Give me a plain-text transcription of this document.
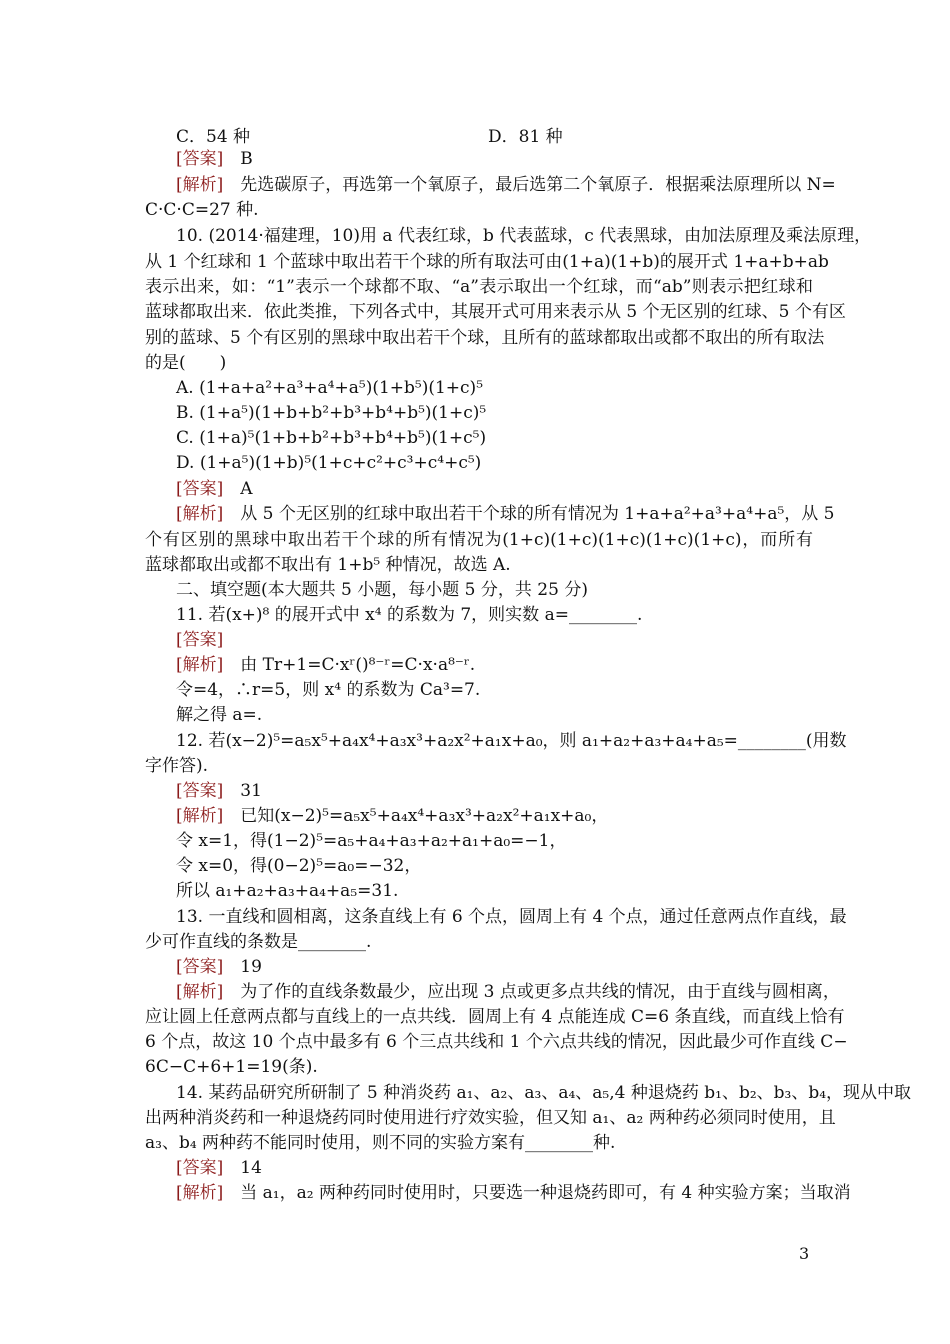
C．54 种	D．81 种
[答案]　B
[解析]　先选碳原子，再选第一个氧原子，最后选第二个氧原子．根据乘法原理所以 N=
C·C·C=27 种.
10. (2014·福建理，10)用 a 代表红球，b 代表蓝球，c 代表黑球，由加法原理及乘法原理，
从 1 个红球和 1 个蓝球中取出若干个球的所有取法可由(1+a)(1+b)的展开式 1+a+b+ab
表示出来，如：“1”表示一个球都不取、“a”表示取出一个红球，而“ab”则表示把红球和
蓝球都取出来．依此类推，下列各式中，其展开式可用来表示从 5 个无区别的红球、5 个有区
别的蓝球、5 个有区别的黑球中取出若干个球，且所有的蓝球都取出或都不取出的所有取法
的是(　　)
A. (1+a+a²+a³+a⁴+a⁵)(1+b⁵)(1+c)⁵
B. (1+a⁵)(1+b+b²+b³+b⁴+b⁵)(1+c)⁵
C. (1+a)⁵(1+b+b²+b³+b⁴+b⁵)(1+c⁵)
D. (1+a⁵)(1+b)⁵(1+c+c²+c³+c⁴+c⁵)
[答案]　A
[解析]　从 5 个无区别的红球中取出若干个球的所有情况为 1+a+a²+a³+a⁴+a⁵，从 5
个有区别的黑球中取出若干个球的所有情况为(1+c)(1+c)(1+c)(1+c)(1+c)，而所有
蓝球都取出或都不取出有 1+b⁵ 种情况，故选 A.
二、填空题(本大题共 5 小题，每小题 5 分，共 25 分)
11. 若(x+)⁸ 的展开式中 x⁴ 的系数为 7，则实数 a=________.
[答案]
[解析]　由 Tr+1=C·xʳ()⁸⁻ʳ=C·x·a⁸⁻ʳ.
令=4，∴r=5，则 x⁴ 的系数为 Ca³=7.
解之得 a=.
12. 若(x−2)⁵=a₅x⁵+a₄x⁴+a₃x³+a₂x²+a₁x+a₀，则 a₁+a₂+a₃+a₄+a₅=________(用数
字作答).
[答案]　31
[解析]　已知(x−2)⁵=a₅x⁵+a₄x⁴+a₃x³+a₂x²+a₁x+a₀，
令 x=1，得(1−2)⁵=a₅+a₄+a₃+a₂+a₁+a₀=−1，
令 x=0，得(0−2)⁵=a₀=−32，
所以 a₁+a₂+a₃+a₄+a₅=31.
13. 一直线和圆相离，这条直线上有 6 个点，圆周上有 4 个点，通过任意两点作直线，最
少可作直线的条数是________.
[答案]　19
[解析]　为了作的直线条数最少，应出现 3 点或更多点共线的情况，由于直线与圆相离，
应让圆上任意两点都与直线上的一点共线．圆周上有 4 点能连成 C=6 条直线，而直线上恰有
6 个点，故这 10 个点中最多有 6 个三点共线和 1 个六点共线的情况，因此最少可作直线 C−
6C−C+6+1=19(条).
14. 某药品研究所研制了 5 种消炎药 a₁、a₂、a₃、a₄、a₅,4 种退烧药 b₁、b₂、b₃、b₄，现从中取
出两种消炎药和一种退烧药同时使用进行疗效实验，但又知 a₁、a₂ 两种药必须同时使用，且
a₃、b₄ 两种药不能同时使用，则不同的实验方案有________种.
[答案]　14
[解析]　当 a₁，a₂ 两种药同时使用时，只要选一种退烧药即可，有 4 种实验方案；当取消
3
